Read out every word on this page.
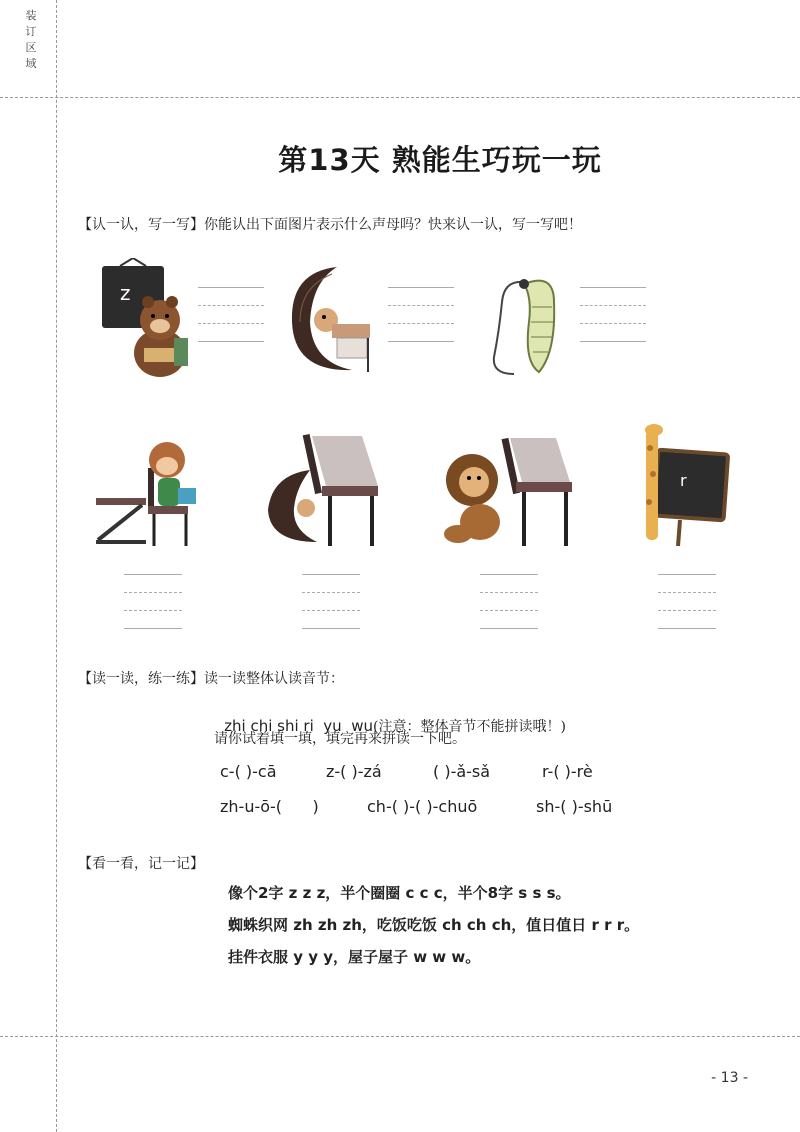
装
订
区
域
第13天 熟能生巧玩一玩
【认一认，写一写】你能认出下面图片表示什么声母吗？快来认一认，写一写吧！
z
r
【读一读，练一练】读一读整体认读音节：

zhi chi shi ri  yu  wu(注意：整体音节不能拼读哦！)

请你试着填一填，填完再来拼读一下吧。
c-( )-cā	z-( )-zá	( )-ǎ-sǎ	r-( )-rè
zh-u-ō-(      )	ch-( )-( )-chuō	sh-( )-shū
【看一看，记一记】
像个2字 z z z，半个圈圈 c c c，半个8字 s s s。
蜘蛛织网 zh zh zh，吃饭吃饭 ch ch ch，值日值日 r r r。
挂件衣服 y y y，屋子屋子 w w w。
- 13 -
